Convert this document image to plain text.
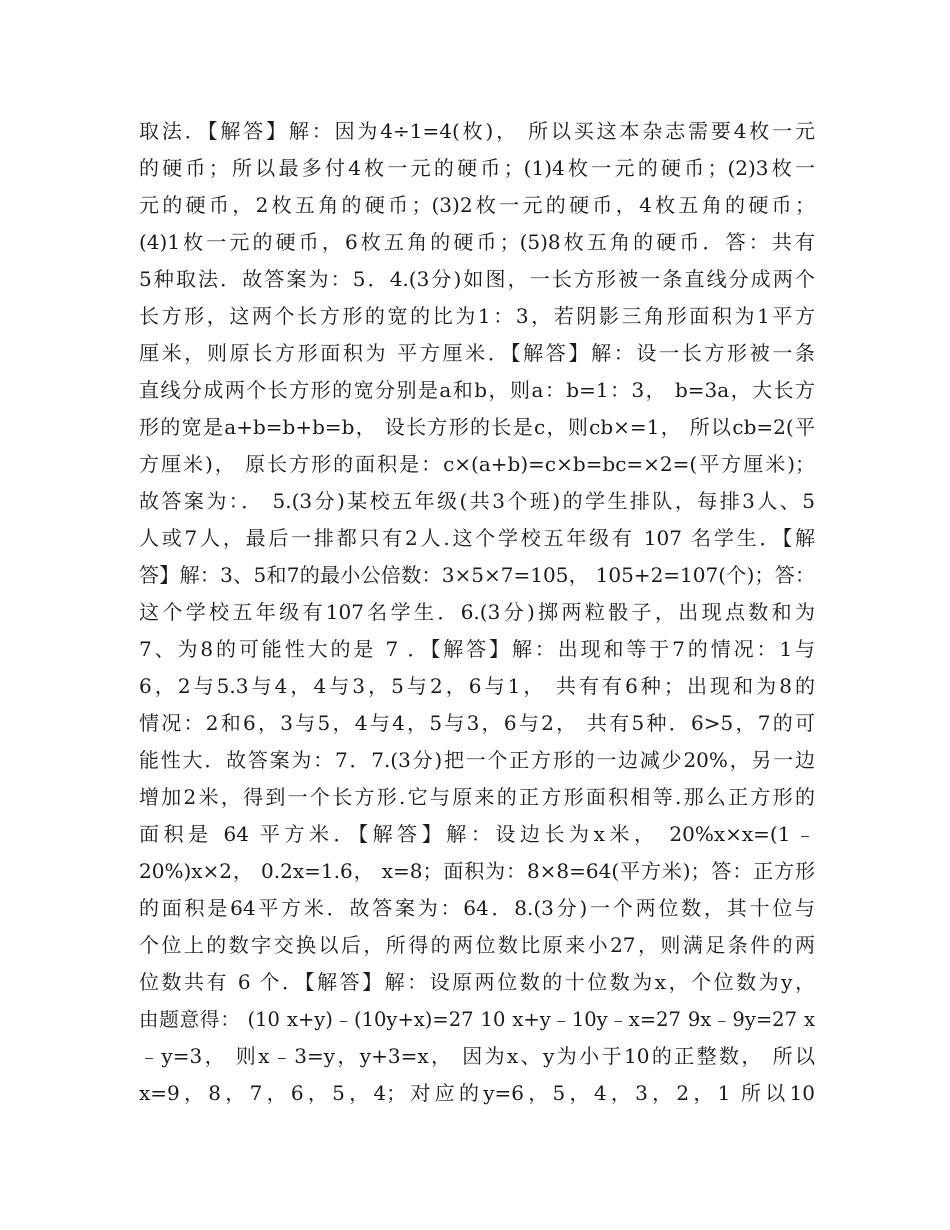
取法．【解答】解：因为4÷1=4(枚)， 所以买这本杂志需要4枚一元
的硬币；所以最多付4枚一元的硬币；(1)4枚一元的硬币；(2)3枚一
元的硬币，2枚五角的硬币；(3)2枚一元的硬币，4枚五角的硬币；
(4)1枚一元的硬币，6枚五角的硬币；(5)8枚五角的硬币．答：共有
5种取法．故答案为：5．4.(3分)如图，一长方形被一条直线分成两个
长方形，这两个长方形的宽的比为1：3，若阴影三角形面积为1平方
厘米，则原长方形面积为 平方厘米．【解答】解：设一长方形被一条
直线分成两个长方形的宽分别是a和b，则a：b=1：3， b=3a，大长方
形的宽是a+b=b+b=b， 设长方形的长是c，则cb×=1， 所以cb=2(平
方厘米)， 原长方形的面积是：c×(a+b)=c×b=bc=×2=(平方厘米)；
故答案为：． 5.(3分)某校五年级(共3个班)的学生排队，每排3人、5
人或7人，最后一排都只有2人.这个学校五年级有 107 名学生．【解
答】解：3、5和7的最小公倍数：3×5×7=105， 105+2=107(个)；答：
这个学校五年级有107名学生．6.(3分)掷两粒骰子，出现点数和为
7、为8的可能性大的是 7 ．【解答】解：出现和等于7的情况：1与
6，2与5.3与4，4与3，5与2，6与1， 共有有6种；出现和为8的
情况：2和6，3与5，4与4，5与3，6与2， 共有5种．6>5，7的可
能性大．故答案为：7．7.(3分)把一个正方形的一边减少20%，另一边
增加2米，得到一个长方形.它与原来的正方形面积相等.那么正方形的
面积是 64 平方米．【解答】解：设边长为x米， 20%x×x=(1﹣
20%)x×2， 0.2x=1.6， x=8；面积为：8×8=64(平方米)；答：正方形
的面积是64平方米．故答案为：64．8.(3分)一个两位数，其十位与
个位上的数字交换以后，所得的两位数比原来小27，则满足条件的两
位数共有 6 个．【解答】解：设原两位数的十位数为x，个位数为y，
由题意得： (10 x+y)﹣(10y+x)=27 10 x+y﹣10y﹣x=27 9x﹣9y=27 x
﹣y=3， 则x﹣3=y，y+3=x， 因为x、y为小于10的正整数， 所以
x=9，8，7，6，5，4；对应的y=6，5，4，3，2，1 所以10
